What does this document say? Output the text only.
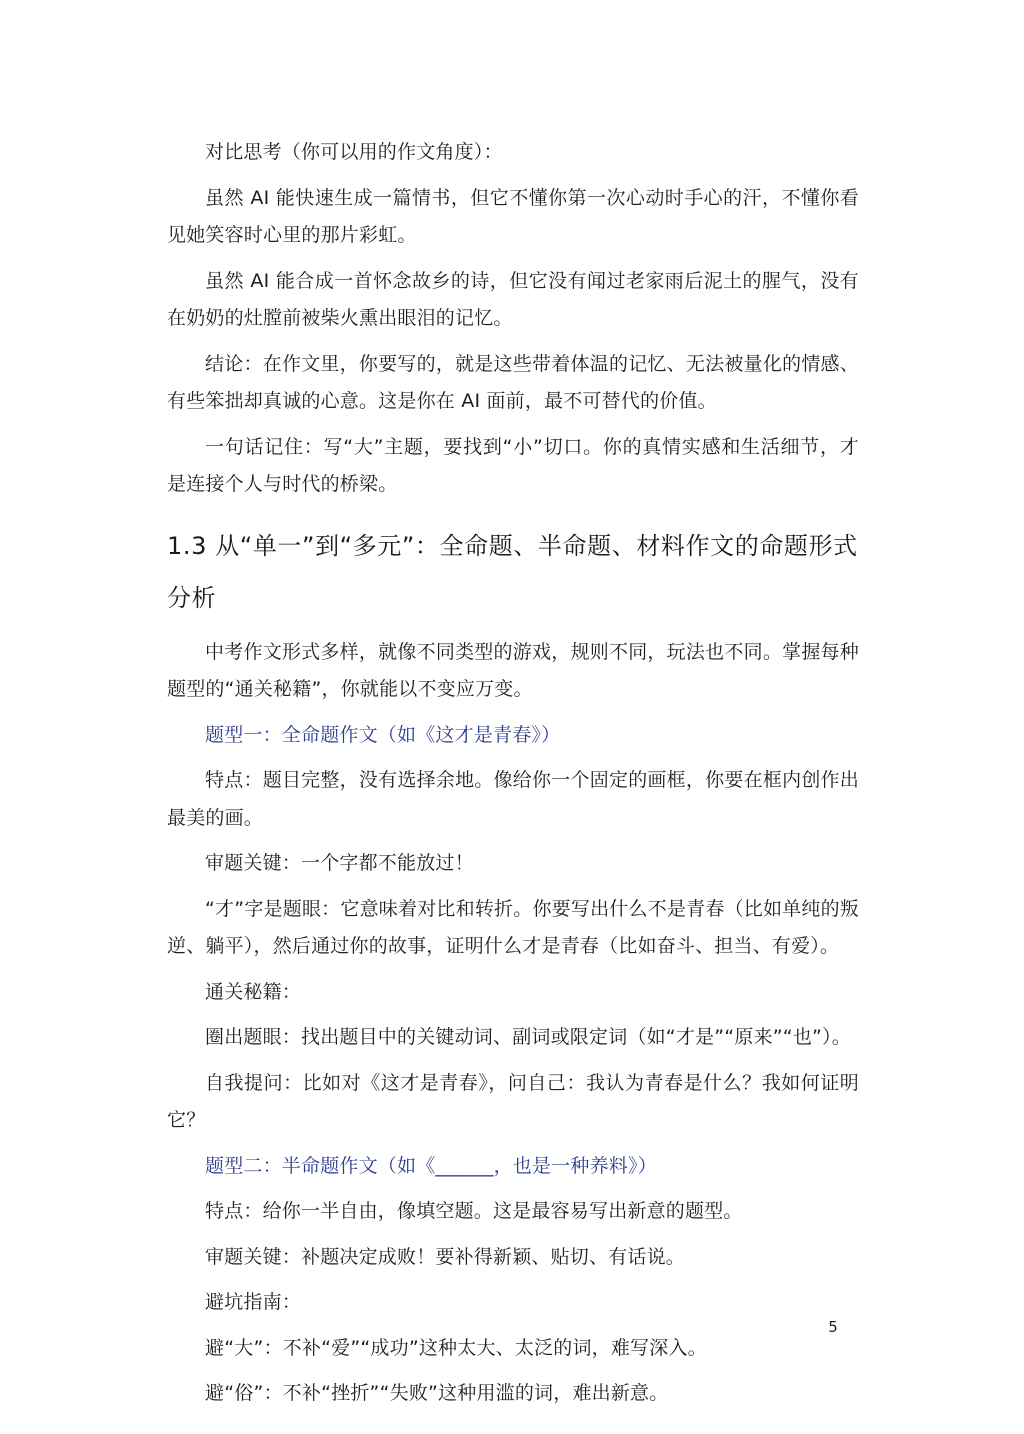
对比思考（你可以用的作文角度）：

虽然 AI 能快速生成一篇情书，但它不懂你第一次心动时手心的汗，不懂你看见她笑容时心里的那片彩虹。

虽然 AI 能合成一首怀念故乡的诗，但它没有闻过老家雨后泥土的腥气，没有在奶奶的灶膛前被柴火熏出眼泪的记忆。

结论：在作文里，你要写的，就是这些带着体温的记忆、无法被量化的情感、有些笨拙却真诚的心意。这是你在 AI 面前，最不可替代的价值。

一句话记住：写“大”主题，要找到“小”切口。你的真情实感和生活细节，才是连接个人与时代的桥梁。

1.3 从“单一”到“多元”：全命题、半命题、材料作文的命题形式分析

中考作文形式多样，就像不同类型的游戏，规则不同，玩法也不同。掌握每种题型的“通关秘籍”，你就能以不变应万变。

题型一：全命题作文（如《这才是青春》）

特点：题目完整，没有选择余地。像给你一个固定的画框，你要在框内创作出最美的画。

审题关键：一个字都不能放过！

“才”字是题眼：它意味着对比和转折。你要写出什么不是青春（比如单纯的叛逆、躺平），然后通过你的故事，证明什么才是青春（比如奋斗、担当、有爱）。

通关秘籍：

圈出题眼：找出题目中的关键动词、副词或限定词（如“才是”“原来”“也”）。

自我提问：比如对《这才是青春》，问自己：我认为青春是什么？我如何证明它？

题型二：半命题作文（如《______，也是一种养料》）

特点：给你一半自由，像填空题。这是最容易写出新意的题型。

审题关键：补题决定成败！要补得新颖、贴切、有话说。

避坑指南：

避“大”：不补“爱”“成功”这种太大、太泛的词，难写深入。

避“俗”：不补“挫折”“失败”这种用滥的词，难出新意。

5
